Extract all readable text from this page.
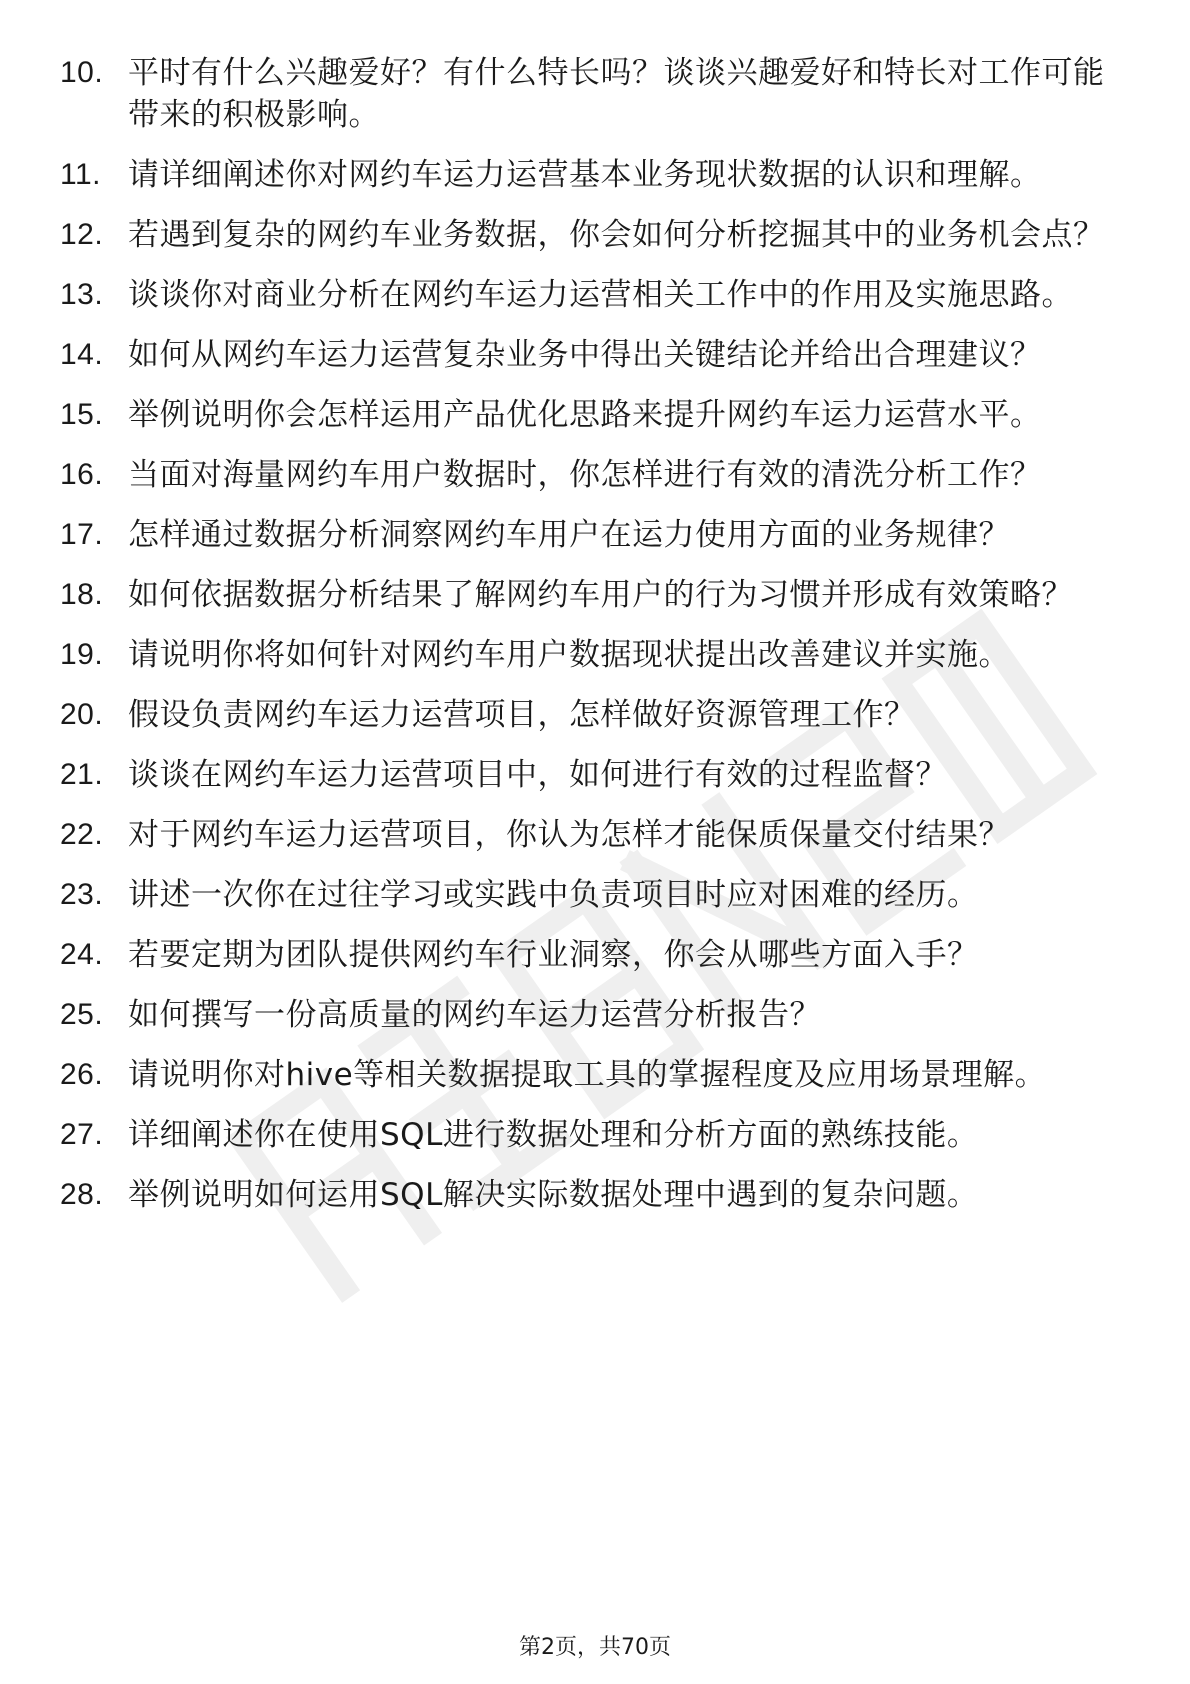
10. 平时有什么兴趣爱好？有什么特长吗？谈谈兴趣爱好和特长对工作可能带来的积极影响。
11. 请详细阐述你对网约车运力运营基本业务现状数据的认识和理解。
12. 若遇到复杂的网约车业务数据，你会如何分析挖掘其中的业务机会点？
13. 谈谈你对商业分析在网约车运力运营相关工作中的作用及实施思路。
14. 如何从网约车运力运营复杂业务中得出关键结论并给出合理建议？
15. 举例说明你会怎样运用产品优化思路来提升网约车运力运营水平。
16. 当面对海量网约车用户数据时，你怎样进行有效的清洗分析工作？
17. 怎样通过数据分析洞察网约车用户在运力使用方面的业务规律？
18. 如何依据数据分析结果了解网约车用户的行为习惯并形成有效策略？
19. 请说明你将如何针对网约车用户数据现状提出改善建议并实施。
20. 假设负责网约车运力运营项目，怎样做好资源管理工作？
21. 谈谈在网约车运力运营项目中，如何进行有效的过程监督？
22. 对于网约车运力运营项目，你认为怎样才能保质保量交付结果？
23. 讲述一次你在过往学习或实践中负责项目时应对困难的经历。
24. 若要定期为团队提供网约车行业洞察，你会从哪些方面入手？
25. 如何撰写一份高质量的网约车运力运营分析报告？
26. 请说明你对hive等相关数据提取工具的掌握程度及应用场景理解。
27. 详细阐述你在使用SQL进行数据处理和分析方面的熟练技能。
28. 举例说明如何运用SQL解决实际数据处理中遇到的复杂问题。
第2页，共70页
